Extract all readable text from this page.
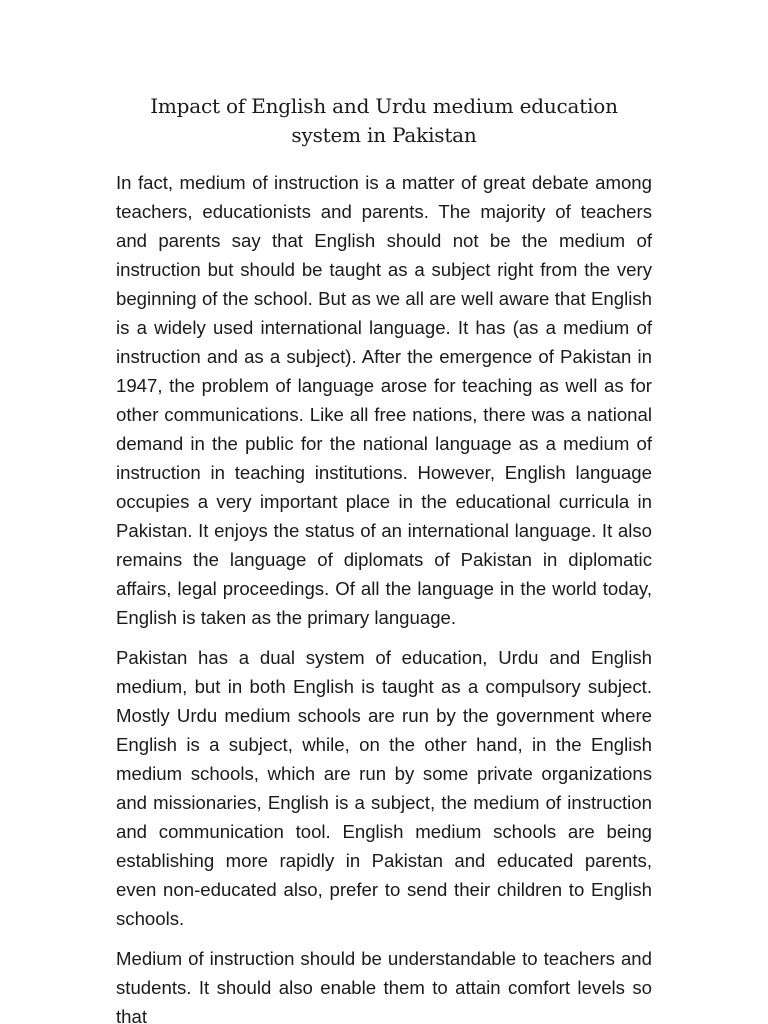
Impact of English and Urdu medium education system in Pakistan

In fact, medium of instruction is a matter of great debate among teachers, educationists and parents. The majority of teachers and parents say that English should not be the medium of instruction but should be taught as a subject right from the very beginning of the school. But as we all are well aware that English is a widely used international language. It has (as a medium of instruction and as a subject). After the emergence of Pakistan in 1947, the problem of language arose for teaching as well as for other communications. Like all free nations, there was a national demand in the public for the national language as a medium of instruction in teaching institutions. However, English language occupies a very important place in the educational curricula in Pakistan. It enjoys the status of an international language. It also remains the language of diplomats of Pakistan in diplomatic affairs, legal proceedings. Of all the language in the world today, English is taken as the primary language.

Pakistan has a dual system of education, Urdu and English medium, but in both English is taught as a compulsory subject. Mostly Urdu medium schools are run by the government where English is a subject, while, on the other hand, in the English medium schools, which are run by some private organizations and missionaries, English is a subject, the medium of instruction and communication tool. English medium schools are being establishing more rapidly in Pakistan and educated parents, even non-educated also, prefer to send their children to English schools.

Medium of instruction should be understandable to teachers and students. It should also enable them to attain comfort levels so that
